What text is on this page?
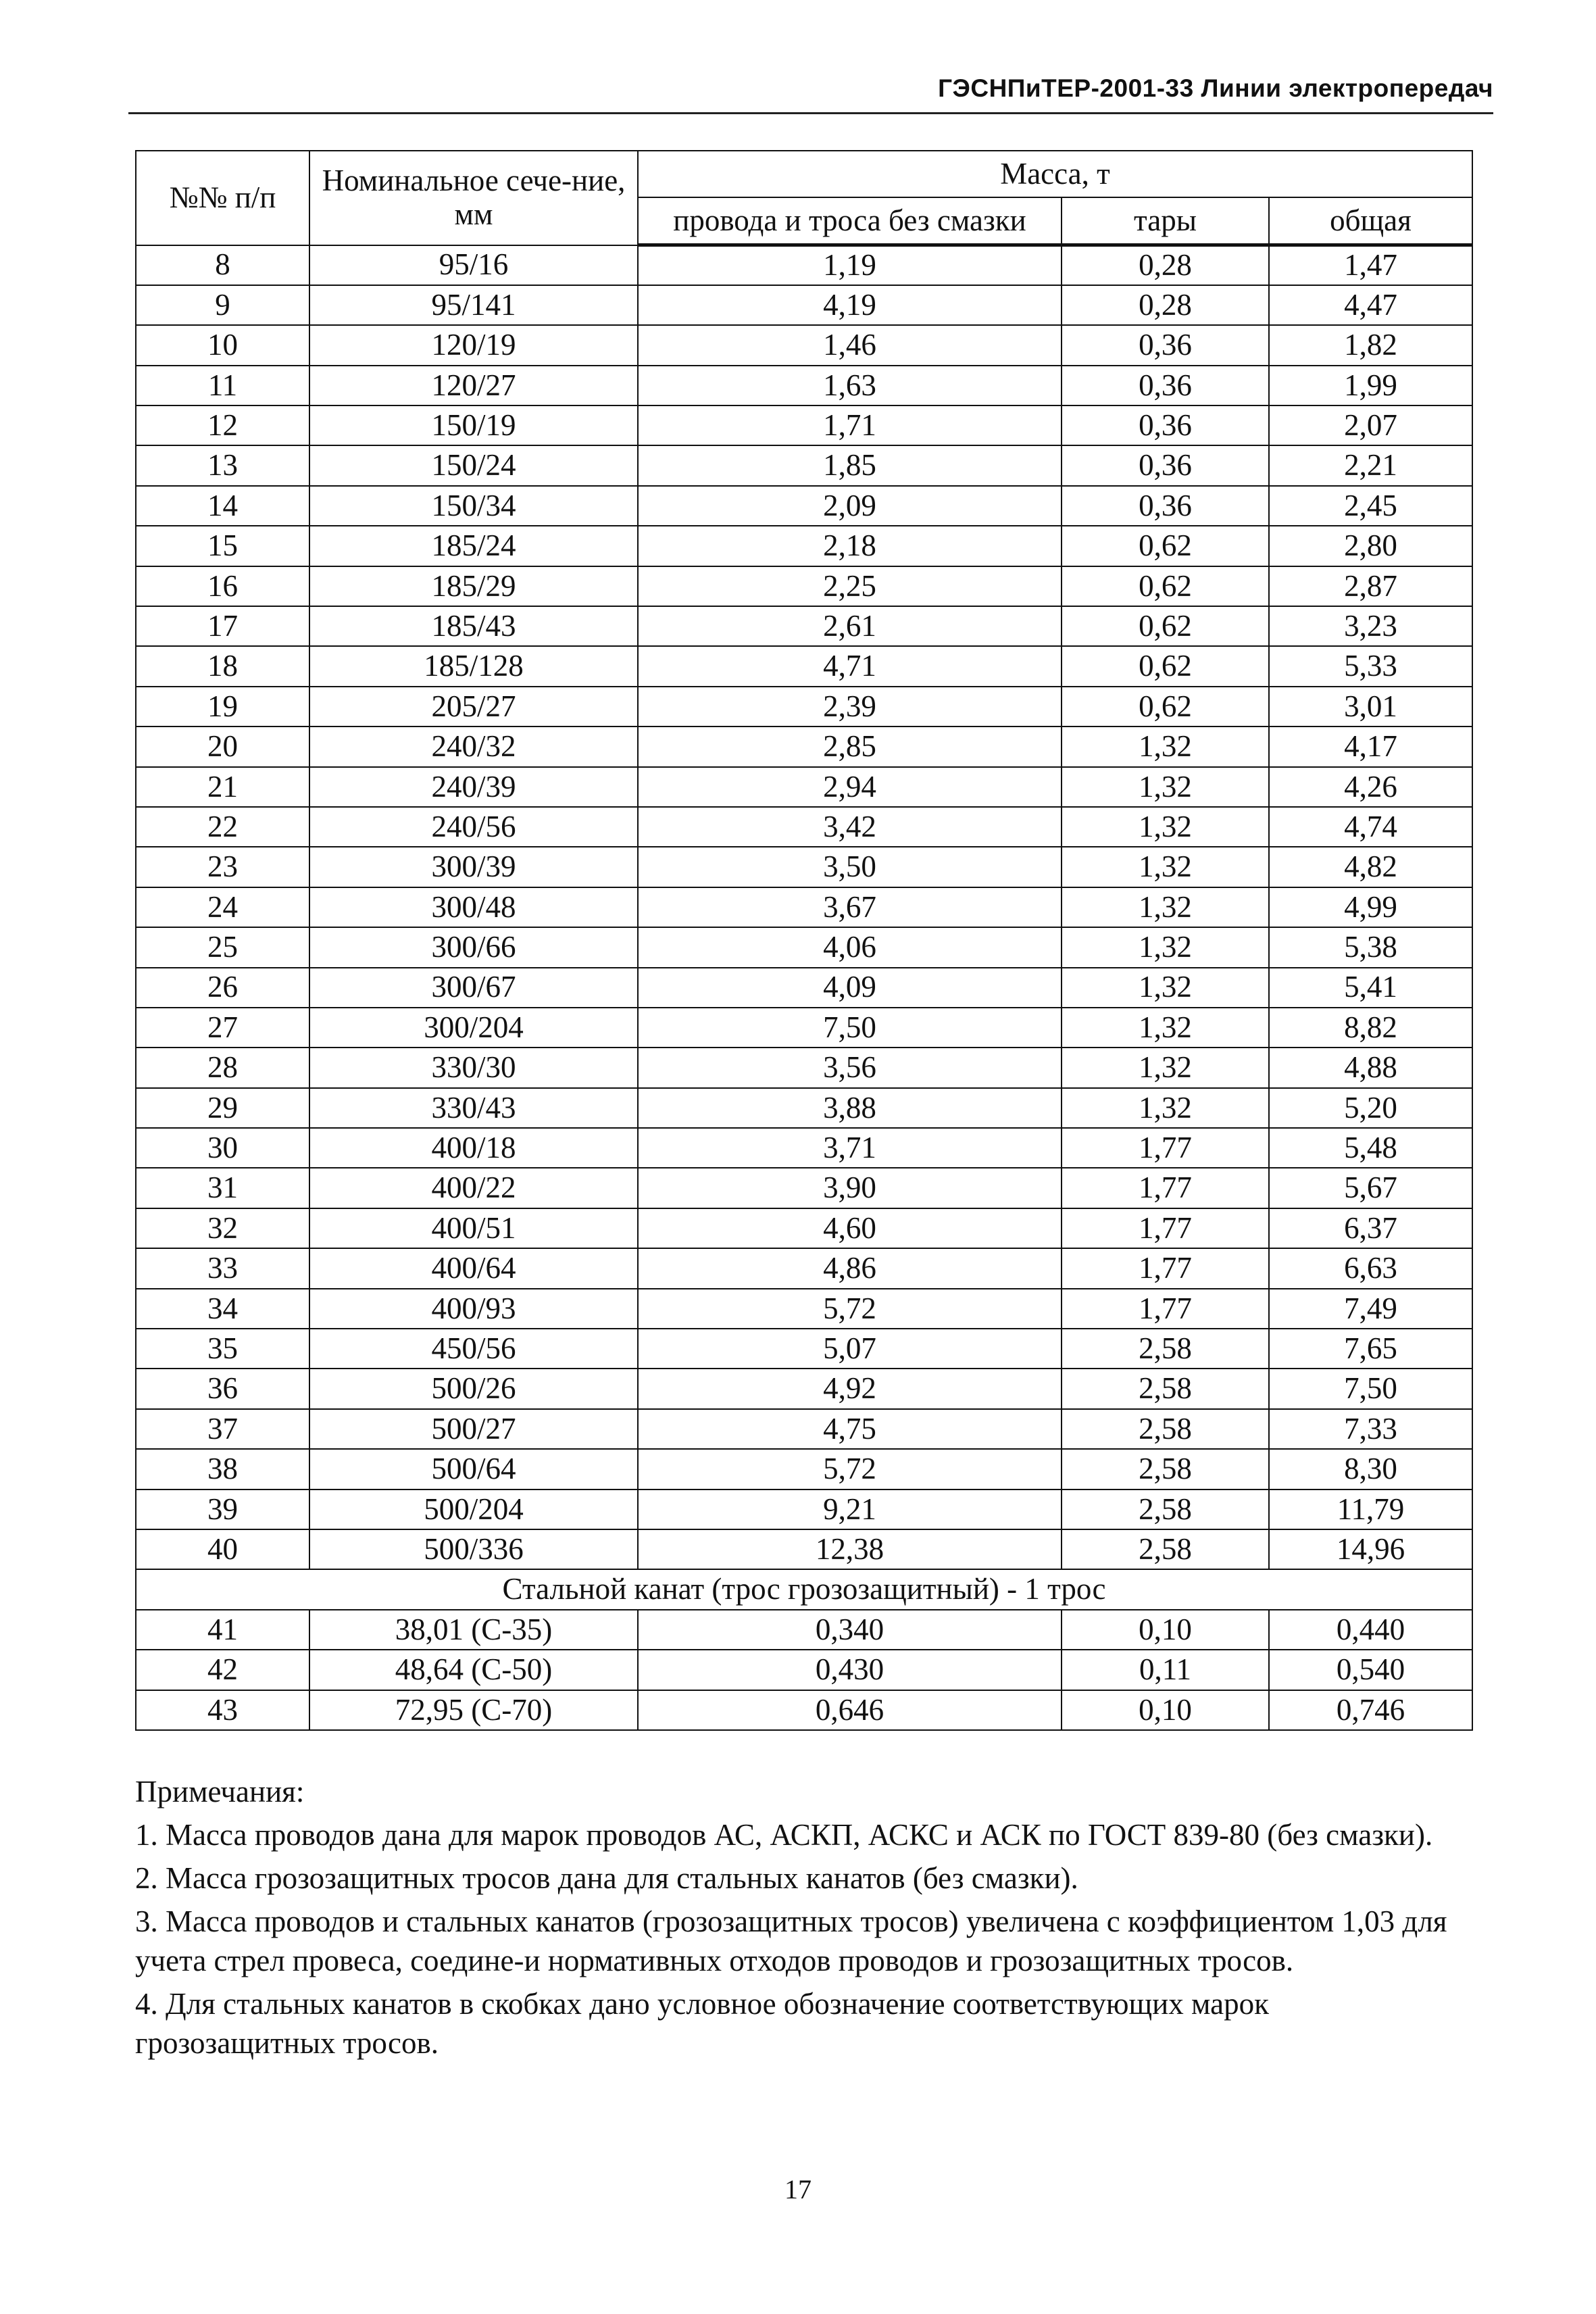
ГЭСНПиТЕР-2001-33 Линии электропередач
№№ п/п	Номинальное сече-ние, мм	Масса, т		
		провода и троса без смазки	тары	общая
8	95/16	1,19	0,28	1,47
9	95/141	4,19	0,28	4,47
10	120/19	1,46	0,36	1,82
11	120/27	1,63	0,36	1,99
12	150/19	1,71	0,36	2,07
13	150/24	1,85	0,36	2,21
14	150/34	2,09	0,36	2,45
15	185/24	2,18	0,62	2,80
16	185/29	2,25	0,62	2,87
17	185/43	2,61	0,62	3,23
18	185/128	4,71	0,62	5,33
19	205/27	2,39	0,62	3,01
20	240/32	2,85	1,32	4,17
21	240/39	2,94	1,32	4,26
22	240/56	3,42	1,32	4,74
23	300/39	3,50	1,32	4,82
24	300/48	3,67	1,32	4,99
25	300/66	4,06	1,32	5,38
26	300/67	4,09	1,32	5,41
27	300/204	7,50	1,32	8,82
28	330/30	3,56	1,32	4,88
29	330/43	3,88	1,32	5,20
30	400/18	3,71	1,77	5,48
31	400/22	3,90	1,77	5,67
32	400/51	4,60	1,77	6,37
33	400/64	4,86	1,77	6,63
34	400/93	5,72	1,77	7,49
35	450/56	5,07	2,58	7,65
36	500/26	4,92	2,58	7,50
37	500/27	4,75	2,58	7,33
38	500/64	5,72	2,58	8,30
39	500/204	9,21	2,58	11,79
40	500/336	12,38	2,58	14,96
Стальной канат (трос грозозащитный) - 1 трос				
41	38,01 (С-35)	0,340	0,10	0,440
42	48,64 (С-50)	0,430	0,11	0,540
43	72,95 (С-70)	0,646	0,10	0,746

Примечания:

1. Масса проводов дана для марок проводов АС, АСКП, АСКС и АСК по ГОСТ 839-80 (без смазки).

2. Масса грозозащитных тросов дана для стальных канатов (без смазки).

3. Масса проводов и стальных канатов (грозозащитных тросов) увеличена с коэффициентом 1,03 для учета стрел провеса, соедине-и нормативных отходов проводов и грозозащитных тросов.

4. Для стальных канатов в скобках дано условное обозначение соответствующих марок грозозащитных тросов.

17
